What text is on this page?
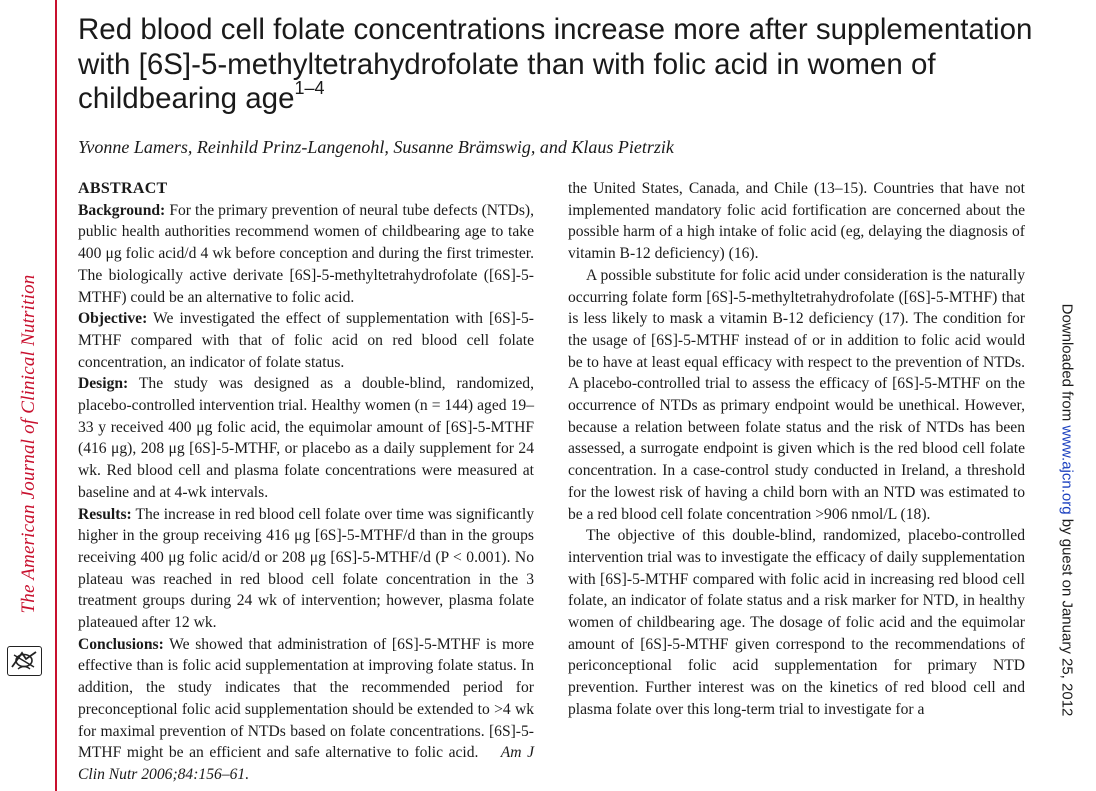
The American Journal of Clinical Nutrition
Red blood cell folate concentrations increase more after supplementation with [6S]-5-methyltetrahydrofolate than with folic acid in women of childbearing age$^{1-4}$

Yvonne Lamers, Reinhild Prinz-Langenohl, Susanne Brämswig, and Klaus Pietrzik

ABSTRACT

Background: For the primary prevention of neural tube defects (NTDs), public health authorities recommend women of childbearing age to take 400 μg folic acid/d 4 wk before conception and during the first trimester. The biologically active derivate [6S]-5-methyltetrahydrofolate ([6S]-5-MTHF) could be an alternative to folic acid.

Objective: We investigated the effect of supplementation with [6S]-5-MTHF compared with that of folic acid on red blood cell folate concentration, an indicator of folate status.

Design: The study was designed as a double-blind, randomized, placebo-controlled intervention trial. Healthy women (n = 144) aged 19–33 y received 400 μg folic acid, the equimolar amount of [6S]-5-MTHF (416 μg), 208 μg [6S]-5-MTHF, or placebo as a daily supplement for 24 wk. Red blood cell and plasma folate concentrations were measured at baseline and at 4-wk intervals.

Results: The increase in red blood cell folate over time was significantly higher in the group receiving 416 μg [6S]-5-MTHF/d than in the groups receiving 400 μg folic acid/d or 208 μg [6S]-5-MTHF/d (P < 0.001). No plateau was reached in red blood cell folate concentration in the 3 treatment groups during 24 wk of intervention; however, plasma folate plateaued after 12 wk.

Conclusions: We showed that administration of [6S]-5-MTHF is more effective than is folic acid supplementation at improving folate status. In addition, the study indicates that the recommended period for preconceptional folic acid supplementation should be extended to >4 wk for maximal prevention of NTDs based on folate concentrations. [6S]-5-MTHF might be an efficient and safe alternative to folic acid. Am J Clin Nutr 2006;84:156–61.

the United States, Canada, and Chile (13–15). Countries that have not implemented mandatory folic acid fortification are concerned about the possible harm of a high intake of folic acid (eg, delaying the diagnosis of vitamin B-12 deficiency) (16).

A possible substitute for folic acid under consideration is the naturally occurring folate form [6S]-5-methyltetrahydrofolate ([6S]-5-MTHF) that is less likely to mask a vitamin B-12 deficiency (17). The condition for the usage of [6S]-5-MTHF instead of or in addition to folic acid would be to have at least equal efficacy with respect to the prevention of NTDs. A placebo-controlled trial to assess the efficacy of [6S]-5-MTHF on the occurrence of NTDs as primary endpoint would be unethical. However, because a relation between folate status and the risk of NTDs has been assessed, a surrogate endpoint is given which is the red blood cell folate concentration. In a case-control study conducted in Ireland, a threshold for the lowest risk of having a child born with an NTD was estimated to be a red blood cell folate concentration >906 nmol/L (18).

The objective of this double-blind, randomized, placebo-controlled intervention trial was to investigate the efficacy of daily supplementation with [6S]-5-MTHF compared with folic acid in increasing red blood cell folate, an indicator of folate status and a risk marker for NTD, in healthy women of childbearing age. The dosage of folic acid and the equimolar amount of [6S]-5-MTHF given correspond to the recommendations of periconceptional folic acid supplementation for primary NTD prevention. Further interest was on the kinetics of red blood cell and plasma folate over this long-term trial to investigate for a

Downloaded from www.ajcn.org by guest on January 25, 2012
